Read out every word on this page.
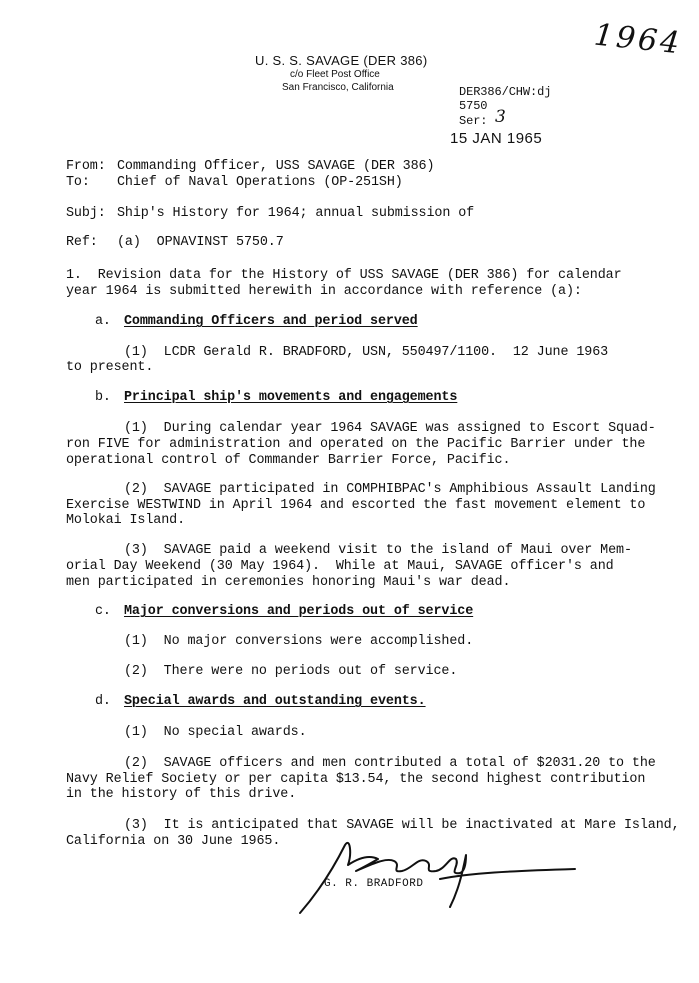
1964
U. S. S. SAVAGE (DER 386)
c/o Fleet Post Office
San Francisco, California	DER386/CHW:dj
5750
Ser: 3
15 JAN 1965
From: Commanding Officer, USS SAVAGE (DER 386)
To: Chief of Naval Operations (OP-251SH)
Subj: Ship's History for 1964; annual submission of
Ref: (a)  OPNAVINST 5750.7
1.  Revision data for the History of USS SAVAGE (DER 386) for calendar
year 1964 is submitted herewith in accordance with reference (a):
a. Commanding Officers and period served
(1)  LCDR Gerald R. BRADFORD, USN, 550497/1100.  12 June 1963
to present.
b. Principal ship's movements and engagements
(1)  During calendar year 1964 SAVAGE was assigned to Escort Squad-
ron FIVE for administration and operated on the Pacific Barrier under the
operational control of Commander Barrier Force, Pacific.
(2)  SAVAGE participated in COMPHIBPAC's Amphibious Assault Landing
Exercise WESTWIND in April 1964 and escorted the fast movement element to
Molokai Island.
(3)  SAVAGE paid a weekend visit to the island of Maui over Mem-
orial Day Weekend (30 May 1964).  While at Maui, SAVAGE officer's and
men participated in ceremonies honoring Maui's war dead.
c. Major conversions and periods out of service
(1)  No major conversions were accomplished.
(2)  There were no periods out of service.
d. Special awards and outstanding events.
(1)  No special awards.
(2)  SAVAGE officers and men contributed a total of $2031.20 to the
Navy Relief Society or per capita $13.54, the second highest contribution
in the history of this drive.
(3)  It is anticipated that SAVAGE will be inactivated at Mare Island,
California on 30 June 1965.
G. R. BRADFORD
